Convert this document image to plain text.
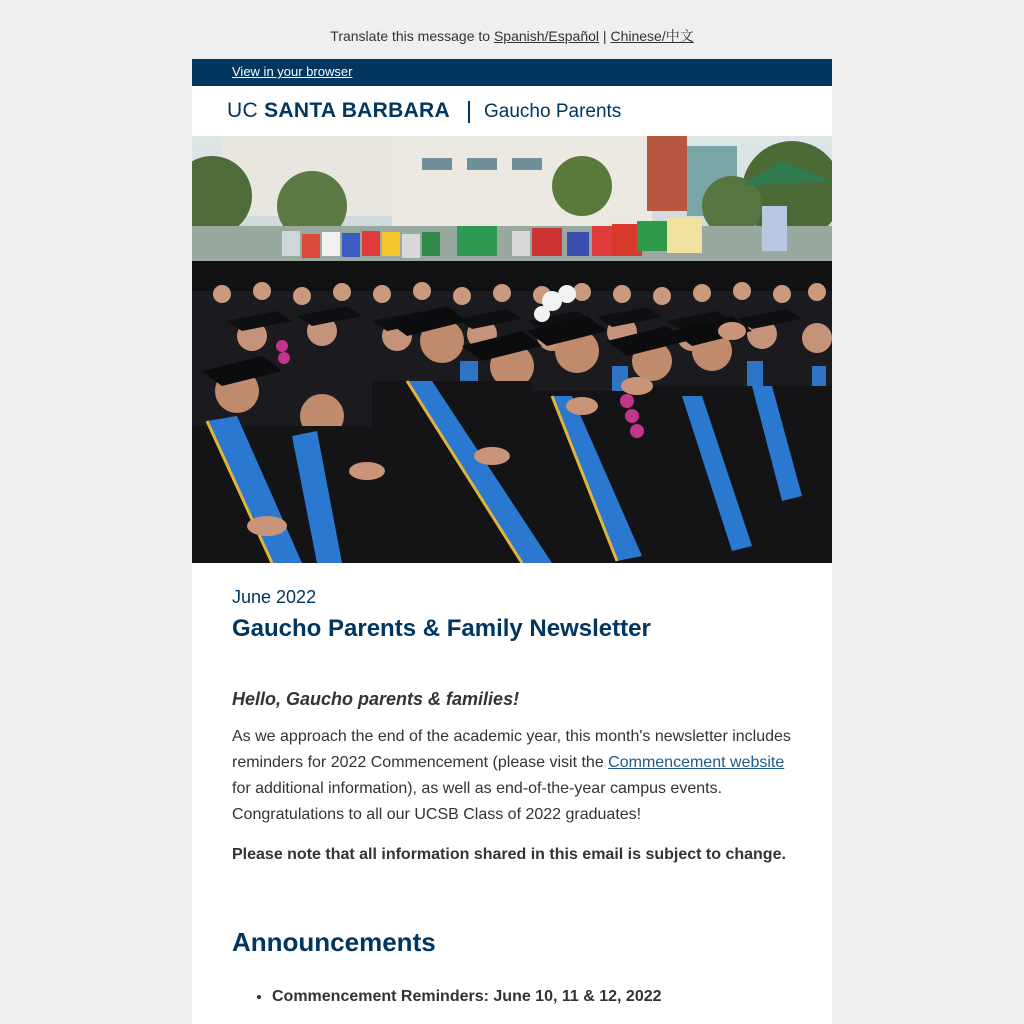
Translate this message to Spanish/Español | Chinese/中文
View in your browser
UC SANTA BARBARA Gaucho Parents
June 2022
Gaucho Parents & Family Newsletter
Hello, Gaucho parents & families!
As we approach the end of the academic year, this month's newsletter includes reminders for 2022 Commencement (please visit the Commencement website for additional information), as well as end-of-the-year campus events. Congratulations to all our UCSB Class of 2022 graduates!
Please note that all information shared in this email is subject to change.
Announcements
• Commencement Reminders: June 10, 11 & 12, 2022
